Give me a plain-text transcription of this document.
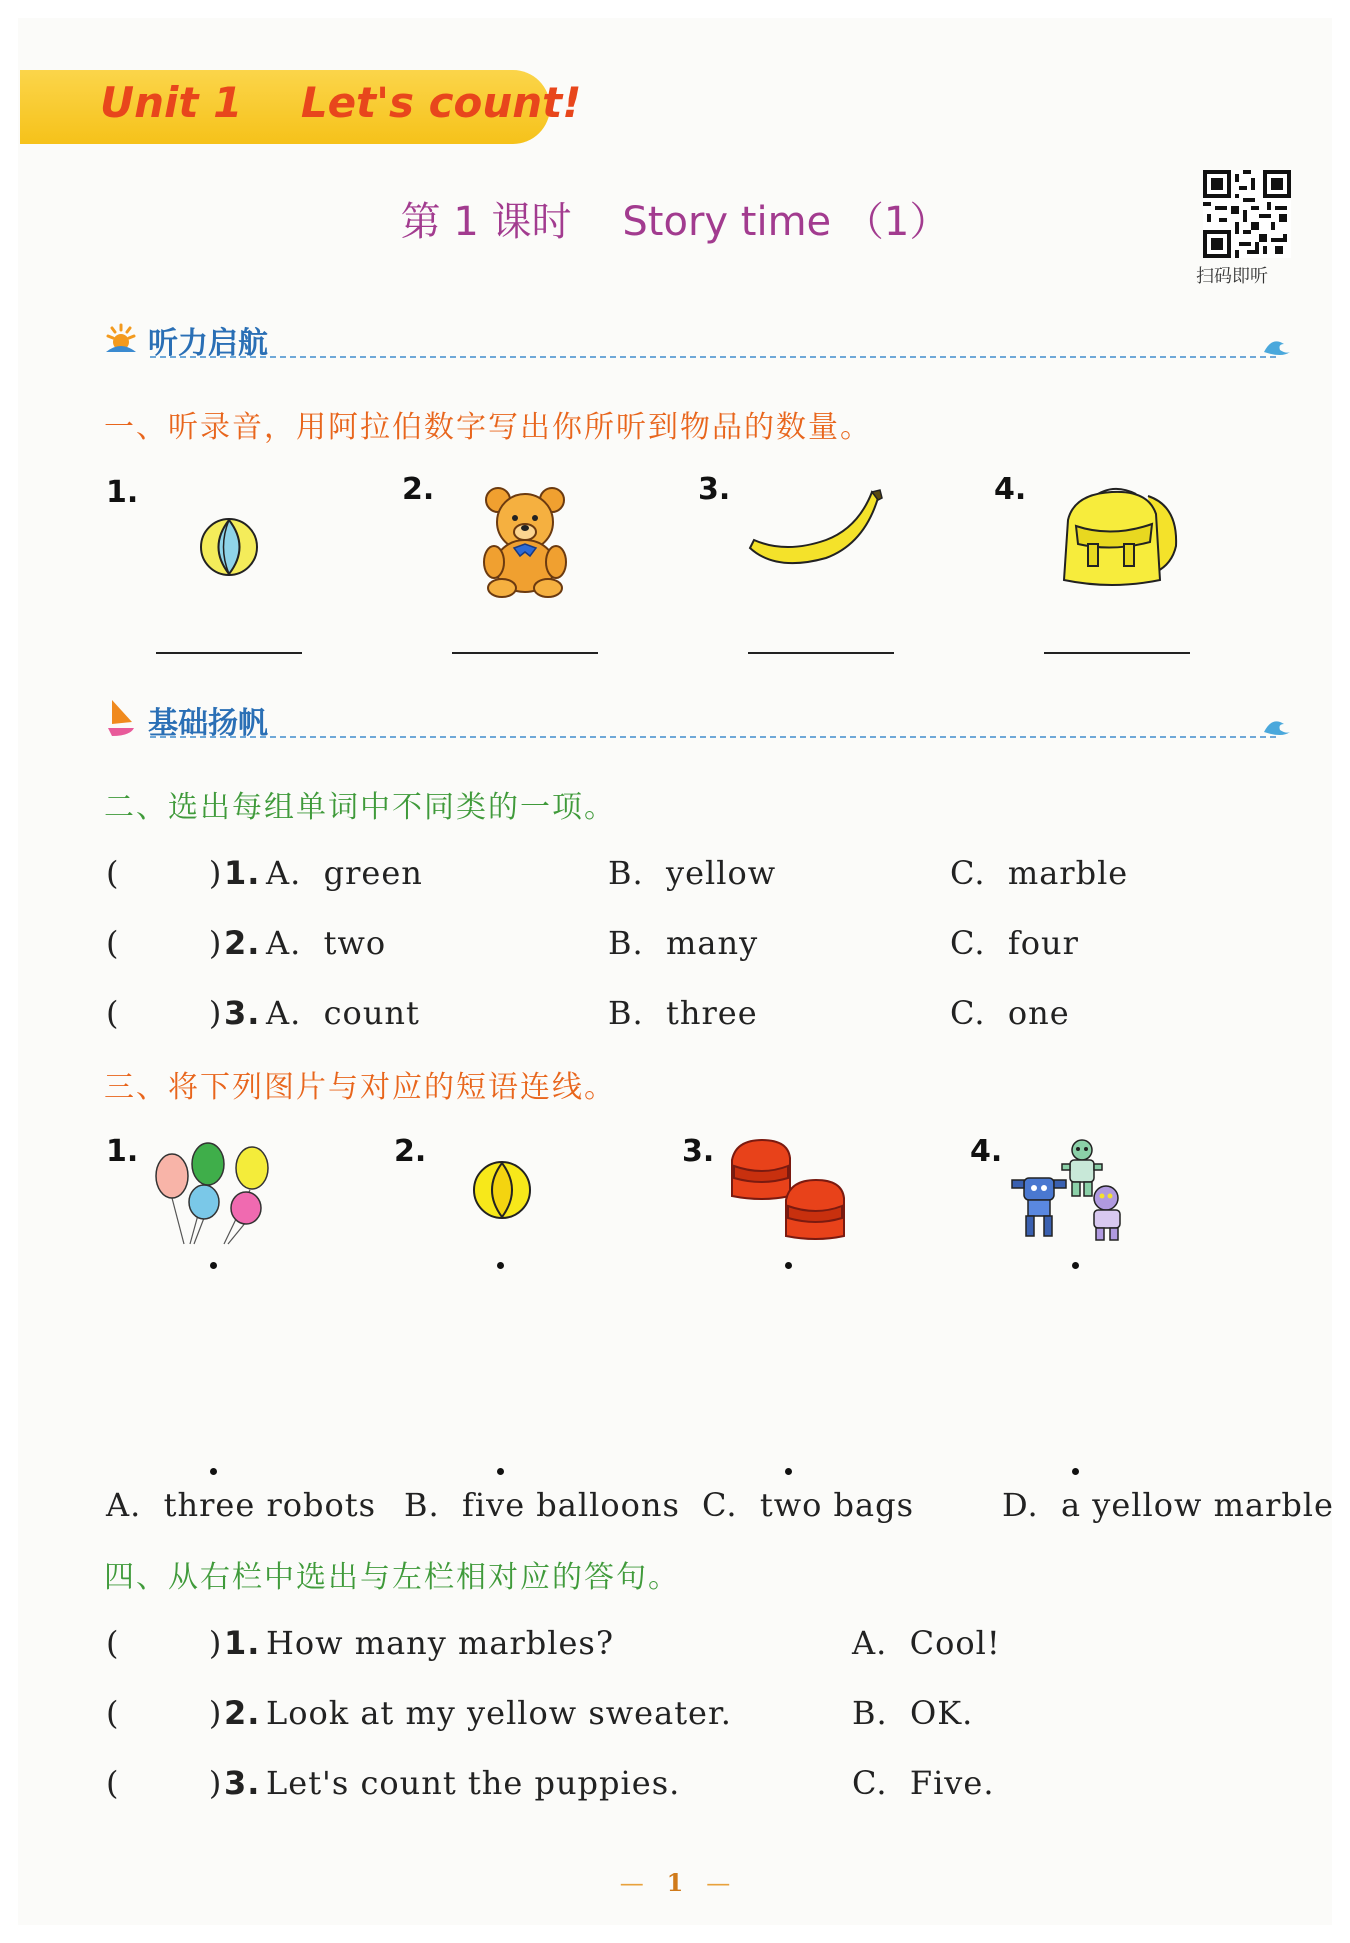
Unit 1    Let's count!
第 1 课时    Story time （1）
扫码即听
听力启航
一、听录音，用阿拉伯数字写出你所听到物品的数量。
1.	2.	3.	4.
基础扬帆
二、选出每组单词中不同类的一项。
(        ) 1. A.  green	B.  yellow	C.  marble
(        ) 2. A.  two	B.  many	C.  four
(        ) 3. A.  count	B.  three	C.  one
三、将下列图片与对应的短语连线。
1.	2.	3.	4.
A.  three robots B.  five balloons C.  two bags	D.  a yellow marble
四、从右栏中选出与左栏相对应的答句。
(        ) 1. How many marbles?	A.  Cool!
(        ) 2. Look at my yellow sweater.	B.  OK.
(        ) 3. Let's count the puppies.	C.  Five.
— 1 —
